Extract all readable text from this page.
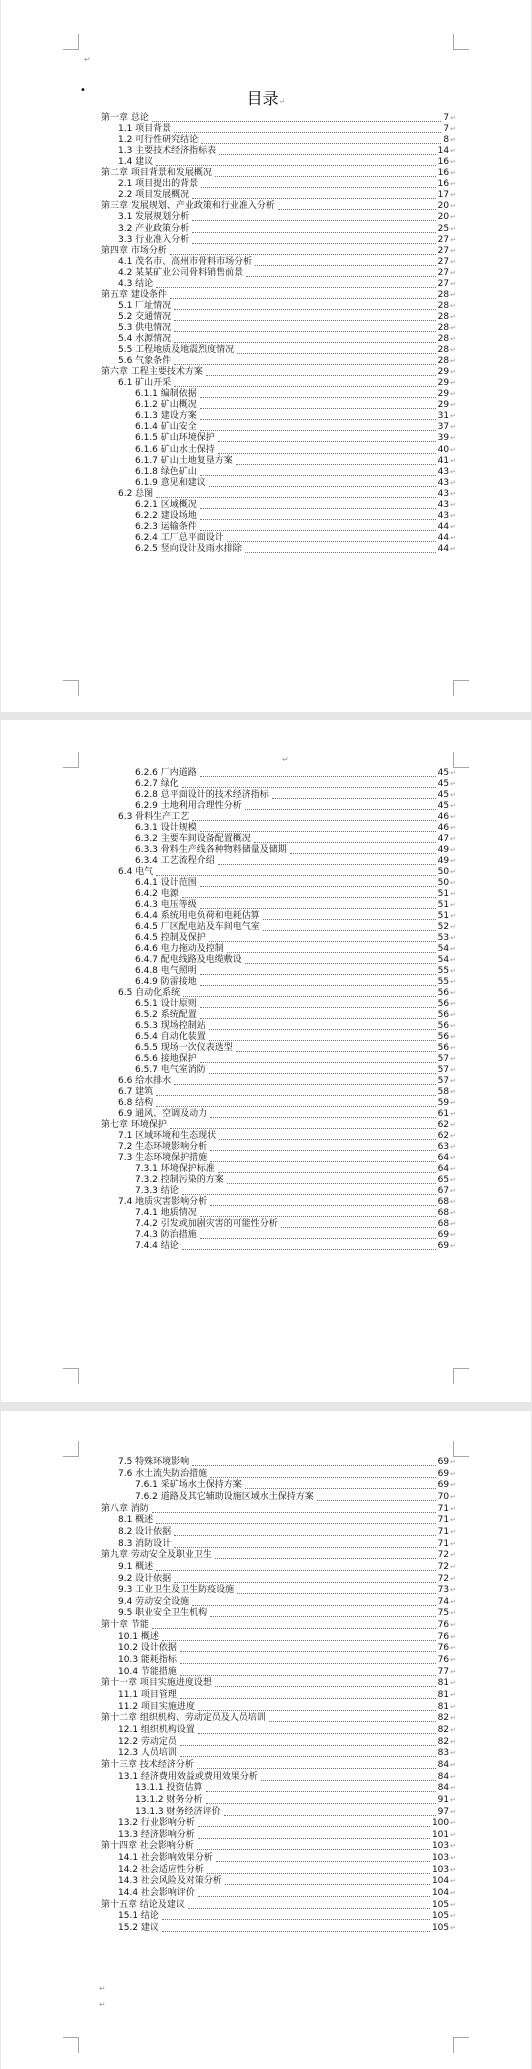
↵
•	目录↵
第一章 总论	7 ↵
1.1 项目背景	7 ↵
1.2 可行性研究结论	8 ↵
1.3 主要技术经济指标表	14 ↵
1.4 建议	16 ↵
第二章 项目背景和发展概况	16 ↵
2.1 项目提出的背景	16 ↵
2.2 项目发展概况	17 ↵
第三章 发展规划、产业政策和行业准入分析	20 ↵
3.1 发展规划分析	20 ↵
3.2 产业政策分析	25 ↵
3.3 行业准入分析	27 ↵
第四章 市场分析	27 ↵
4.1 茂名市、高州市骨料市场分析	27 ↵
4.2 某某矿业公司骨料销售前景	27 ↵
4.3 结论	27 ↵
第五章 建设条件	28 ↵
5.1 厂址情况	28 ↵
5.2 交通情况	28 ↵
5.3 供电情况	28 ↵
5.4 水源情况	28 ↵
5.5 工程地质及地震烈度情况	28 ↵
5.6 气象条件	28 ↵
第六章 工程主要技术方案	29 ↵
6.1 矿山开采	29 ↵
6.1.1 编制依据	29 ↵
6.1.2 矿山概况	29 ↵
6.1.3 建设方案	31 ↵
6.1.4 矿山安全	37 ↵
6.1.5 矿山环境保护	39 ↵
6.1.6 矿山水土保持	40 ↵
6.1.7 矿山土地复垦方案	41 ↵
6.1.8 绿色矿山	43 ↵
6.1.9 意见和建议	43 ↵
6.2 总图	43 ↵
6.2.1 区域概况	43 ↵
6.2.2 建设场地	43 ↵
6.2.3 运输条件	44 ↵
6.2.4 工厂总平面设计	44 ↵
6.2.5 竖向设计及雨水排除	44 ↵
↵
6.2.6 厂内道路	45 ↵
6.2.7 绿化	45 ↵
6.2.8 总平面设计的技术经济指标	45 ↵
6.2.9 土地利用合理性分析	45 ↵
6.3 骨料生产工艺	46 ↵
6.3.1 设计规模	46 ↵
6.3.2 主要车间设备配置概况	47 ↵
6.3.3 骨料生产线各种物料储量及储期	49 ↵
6.3.4 工艺流程介绍	49 ↵
6.4 电气	50 ↵
6.4.1 设计范围	50 ↵
6.4.2 电源	51 ↵
6.4.3 电压等级	51 ↵
6.4.4 系统用电负荷和电耗估算	51 ↵
6.4.5 厂区配电站及车间电气室	52 ↵
6.4.5 控制及保护	53 ↵
6.4.6 电力拖动及控制	54 ↵
6.4.7 配电线路及电缆敷设	54 ↵
6.4.8 电气照明	55 ↵
6.4.9 防雷接地	55 ↵
6.5 自动化系统	56 ↵
6.5.1 设计原则	56 ↵
6.5.2 系统配置	56 ↵
6.5.3 现场控制站	56 ↵
6.5.4 自动化装置	56 ↵
6.5.5 现场一次仪表选型	56 ↵
6.5.6 接地保护	57 ↵
6.5.7 电气室消防	57 ↵
6.6 给水排水	57 ↵
6.7 建筑	58 ↵
6.8 结构	59 ↵
6.9 通风、空调及动力	61 ↵
第七章 环境保护	62 ↵
7.1 区域环境和生态现状	62 ↵
7.2 生态环境影响分析	63 ↵
7.3 生态环境保护措施	64 ↵
7.3.1 环境保护标准	64 ↵
7.3.2 控制污染的方案	65 ↵
7.3.3 结论	67 ↵
7.4 地质灾害影响分析	68 ↵
7.4.1 地质情况	68 ↵
7.4.2 引发或加剧灾害的可能性分析	68 ↵
7.4.3 防治措施	69 ↵
7.4.4 结论	69 ↵
7.5 特殊环境影响	69 ↵
7.6 水土流失防治措施	69 ↵
7.6.1 采矿场水土保持方案	69 ↵
7.6.2 道路及其它辅助设施区域水土保持方案	70 ↵
第八章 消防	71 ↵
8.1 概述	71 ↵
8.2 设计依据	71 ↵
8.3 消防设计	71 ↵
第九章 劳动安全及职业卫生	72 ↵
9.1 概述	72 ↵
9.2 设计依据	72 ↵
9.3 工业卫生及卫生防疫设施	73 ↵
9.4 劳动安全设施	74 ↵
9.5 职业安全卫生机构	75 ↵
第十章 节能	76 ↵
10.1 概述	76 ↵
10.2 设计依据	76 ↵
10.3 能耗指标	76 ↵
10.4 节能措施	77 ↵
第十一章 项目实施进度设想	81 ↵
11.1 项目管理	81 ↵
11.2 项目实施进度	81 ↵
第十二章 组织机构、劳动定员及人员培训	82 ↵
12.1 组织机构设置	82 ↵
12.2 劳动定员	82 ↵
12.3 人员培训	83 ↵
第十三章 技术经济分析	84 ↵
13.1 经济费用效益或费用效果分析	84 ↵
13.1.1 投资估算	84 ↵
13.1.2 财务分析	91 ↵
13.1.3 财务经济评价	97 ↵
13.2 行业影响分析	100 ↵
13.3 经济影响分析	101 ↵
第十四章 社会影响分析	103 ↵
14.1 社会影响效果分析	103 ↵
14.2 社会适应性分析	103 ↵
14.3 社会风险及对策分析	104 ↵
14.4 社会影响评价	104 ↵
第十五章 结论及建议	105 ↵
15.1 结论	105 ↵
15.2 建议	105 ↵
↵
↵
